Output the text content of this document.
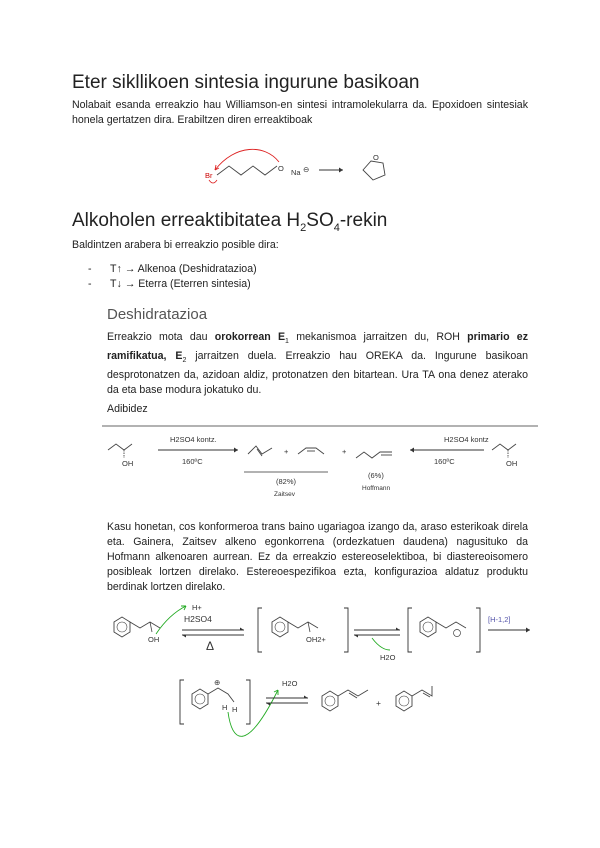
Eter sikllikoen sintesia ingurune basikoan

Nolabait esanda erreakzio hau Williamson-en sintesi intramolekularra da. Epoxidoen sintesiak honela gertatzen dira. Erabiltzen diren erreaktiboak

Br
O Na ⊖
O
Alkoholen erreaktibitatea $H_2SO_4$-rekin

Baldintzen arabera bi erreakzio posible dira:

- T↑ → Alkenoa (Deshidratazioa)
- T↓ → Eterra (Eterren sintesia)
Deshidratazioa

Erreakzio mota dau orokorrean $E_1$ mekanismoa jarraitzen du, ROH primario ez ramifikatua, $E_2$ jarraitzen duela. Erreakzio hau OREKA da. Ingurune basikoan desprotonatzen da, azidoan aldiz, protonatzen den bitartean. Ura TA ona denez aterako da eta base modura jokatuko du.

Adibidez

OH
H2SO4 kontz.
160ºC
+	+
(82%)
Zaitsev
(6%)
Hoffmann
H2SO4 kontz
160ºC	OH

Kasu honetan, cos konformeroa trans baino ugariagoa izango da, araso esterikoak direla eta. Gainera, Zaitsev alkeno egonkorrena (ordezkatuen daudena) nagusituko da Hofmann alkenoaren aurrean. Ez da erreakzio estereoselektiboa, bi diastereoisomero posibleak lortzen direlako. Estereoespezifikoa ezta, konfigurazioa aldatuz produktu berdinak lortzen direlako.

OH
H+
H2SO4
Δ	OH2+
H2O
[H-1,2]
⊕
H H
H2O
+
